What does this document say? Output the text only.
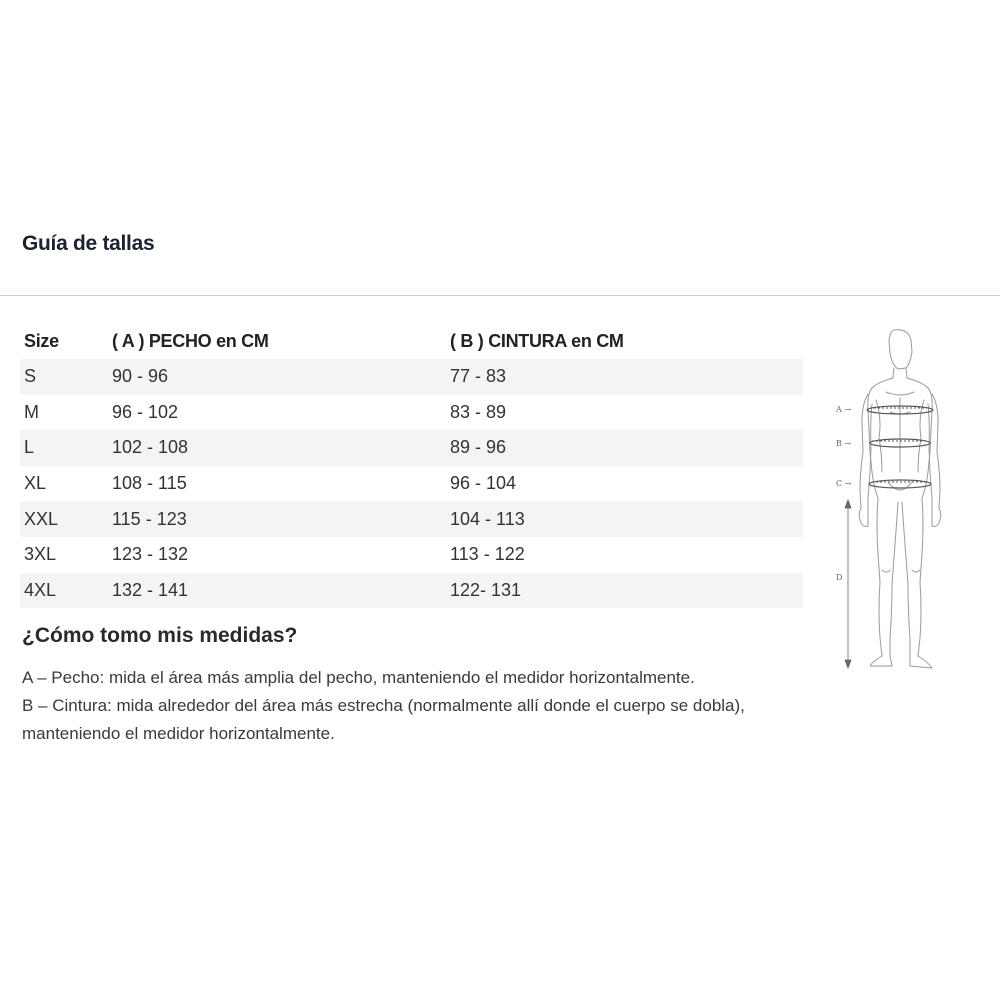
Guía de tallas
Size	( A ) PECHO en CM	( B ) CINTURA en CM
S	90 - 96	77 - 83
M	96 - 102	83 - 89
L	102 - 108	89 - 96
XL	108 - 115	96 - 104
XXL	115 - 123	104 - 113
3XL	123 - 132	113 - 122
4XL	132 - 141	122- 131
¿Cómo tomo mis medidas?

A – Pecho: mida el área más amplia del pecho, manteniendo el medidor horizontalmente.

B – Cintura: mida alrededor del área más estrecha (normalmente allí donde el cuerpo se dobla), manteniendo el medidor horizontalmente.

A →
B →
C →
D
